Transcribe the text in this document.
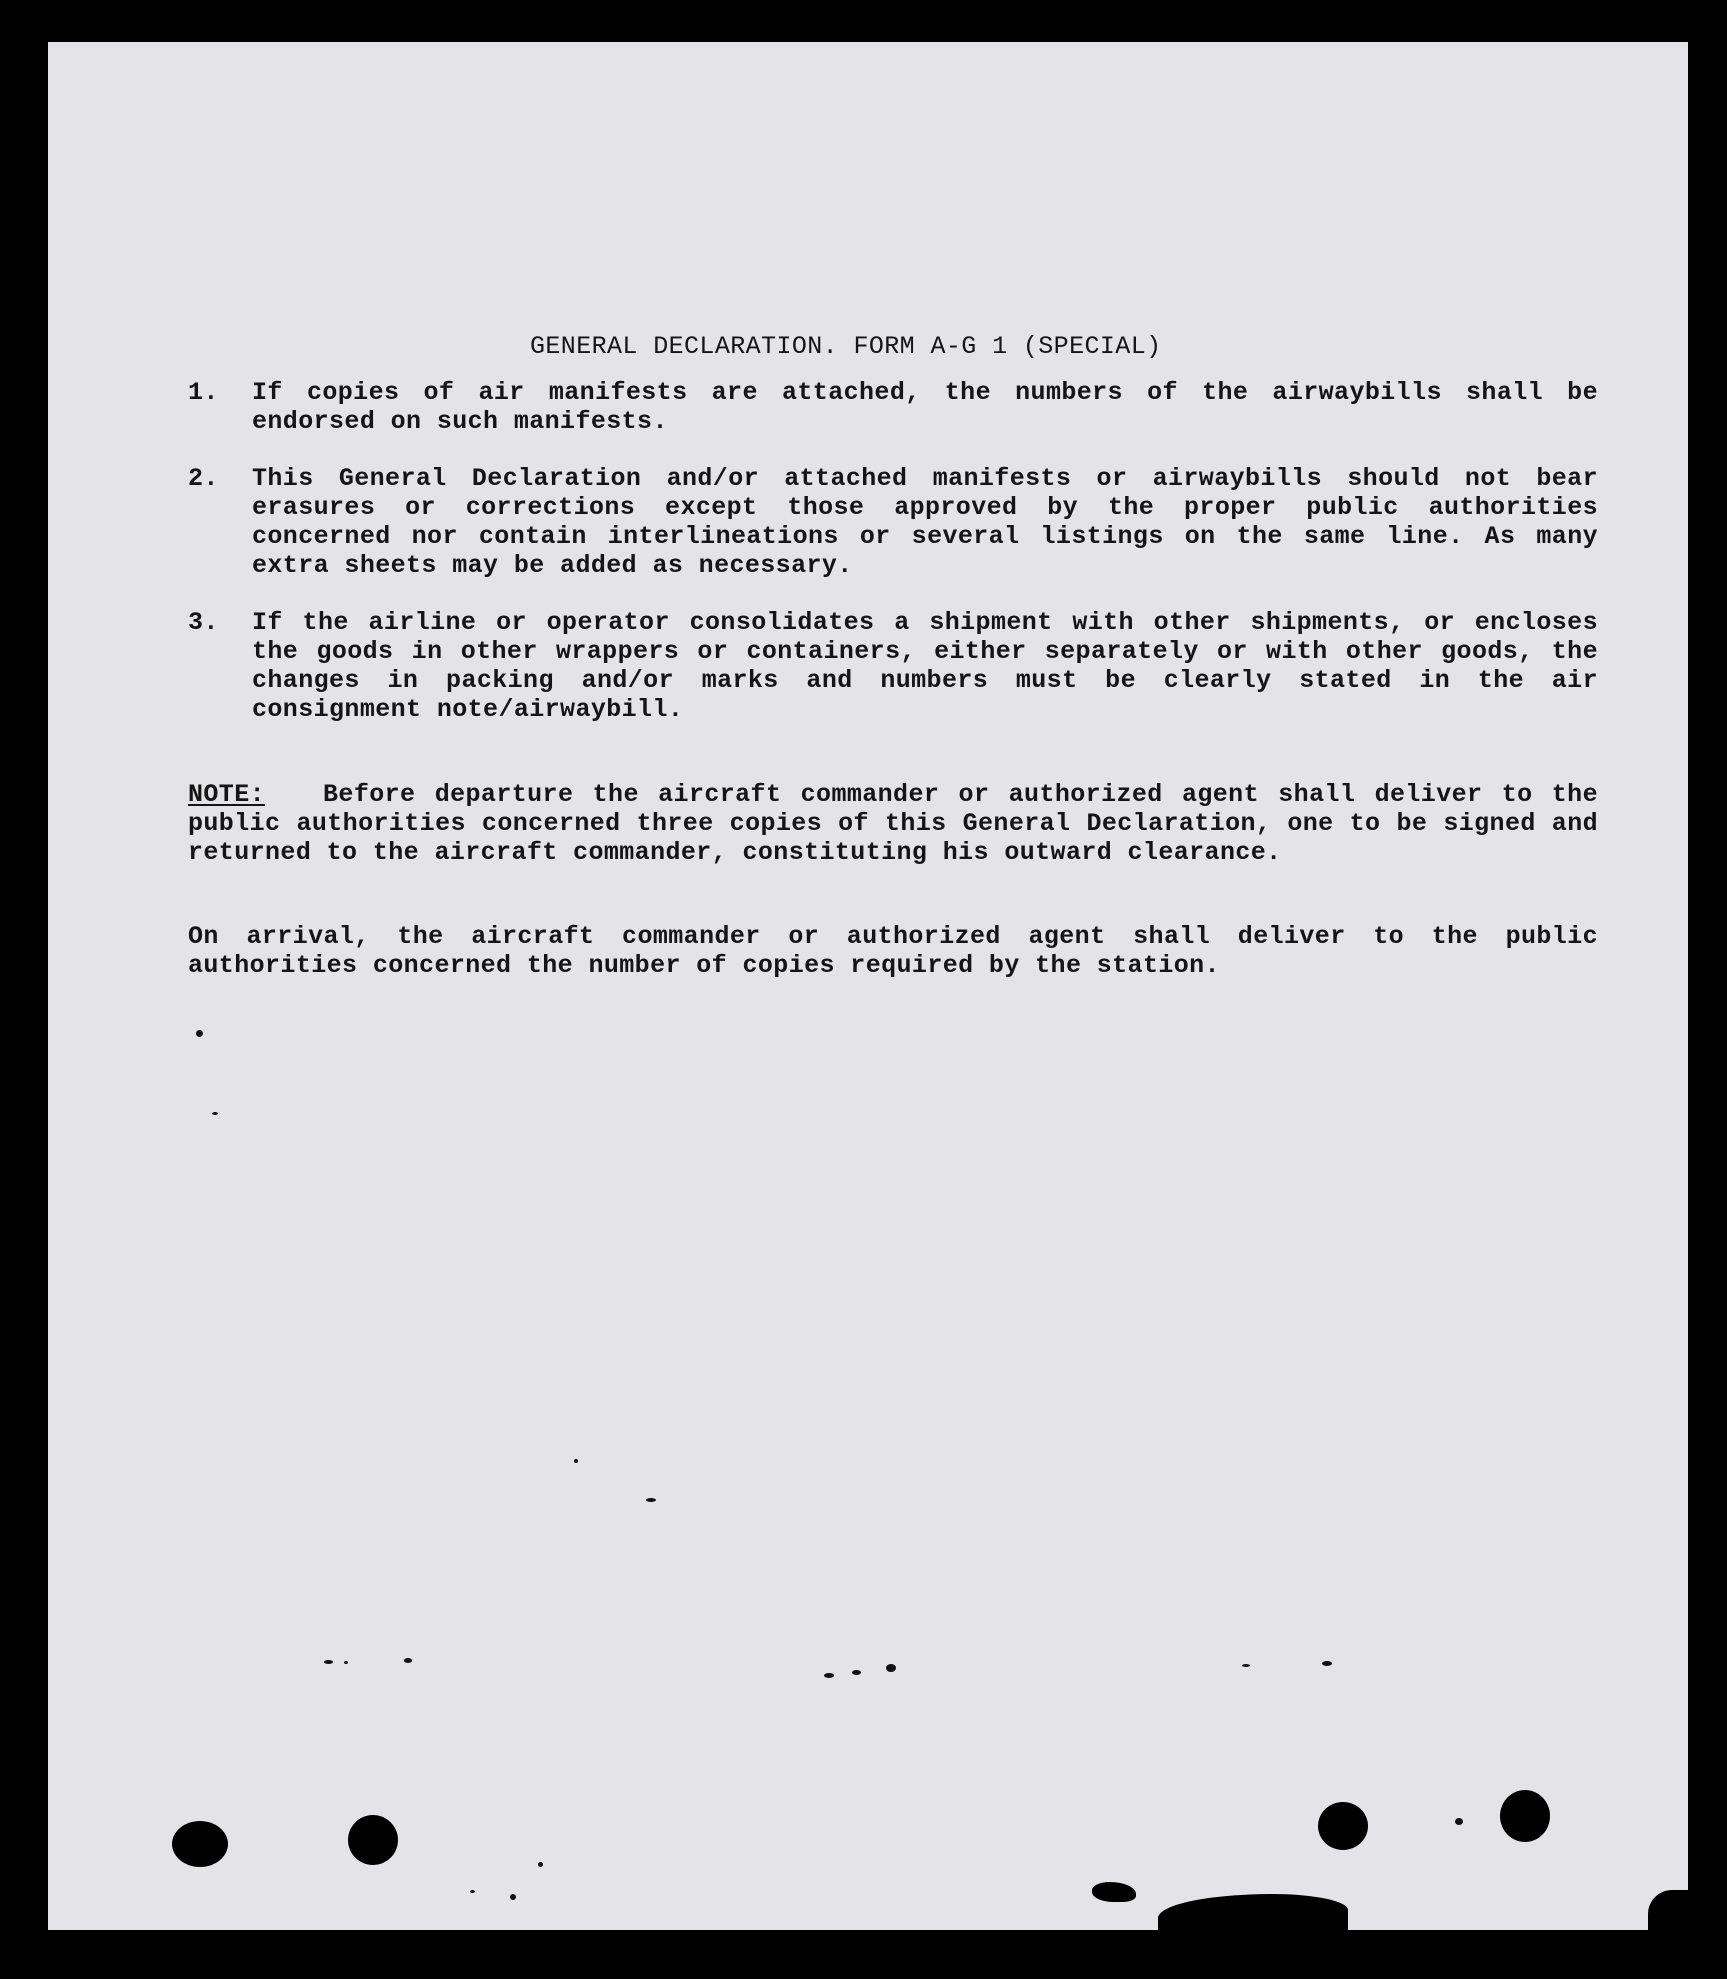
GENERAL DECLARATION. FORM A-G 1 (SPECIAL)
1.	If copies of air manifests are attached, the numbers of the airwaybills shall be endorsed on such manifests.
2.	This General Declaration and/or attached manifests or airwaybills should not bear erasures or corrections except those approved by the proper public authorities concerned nor contain interlineations or several listings on the same line. As many extra sheets may be added as necessary.
3.	If the airline or operator consolidates a shipment with other shipments, or encloses the goods in other wrappers or containers, either separately or with other goods, the changes in packing and/or marks and numbers must be clearly stated in the air consignment note/airwaybill.
NOTE: Before departure the aircraft commander or authorized agent shall deliver to the public authorities concerned three copies of this General Declaration, one to be signed and returned to the aircraft commander, constituting his outward clearance.
On arrival, the aircraft commander or authorized agent shall deliver to the public authorities concerned the number of copies required by the station.
